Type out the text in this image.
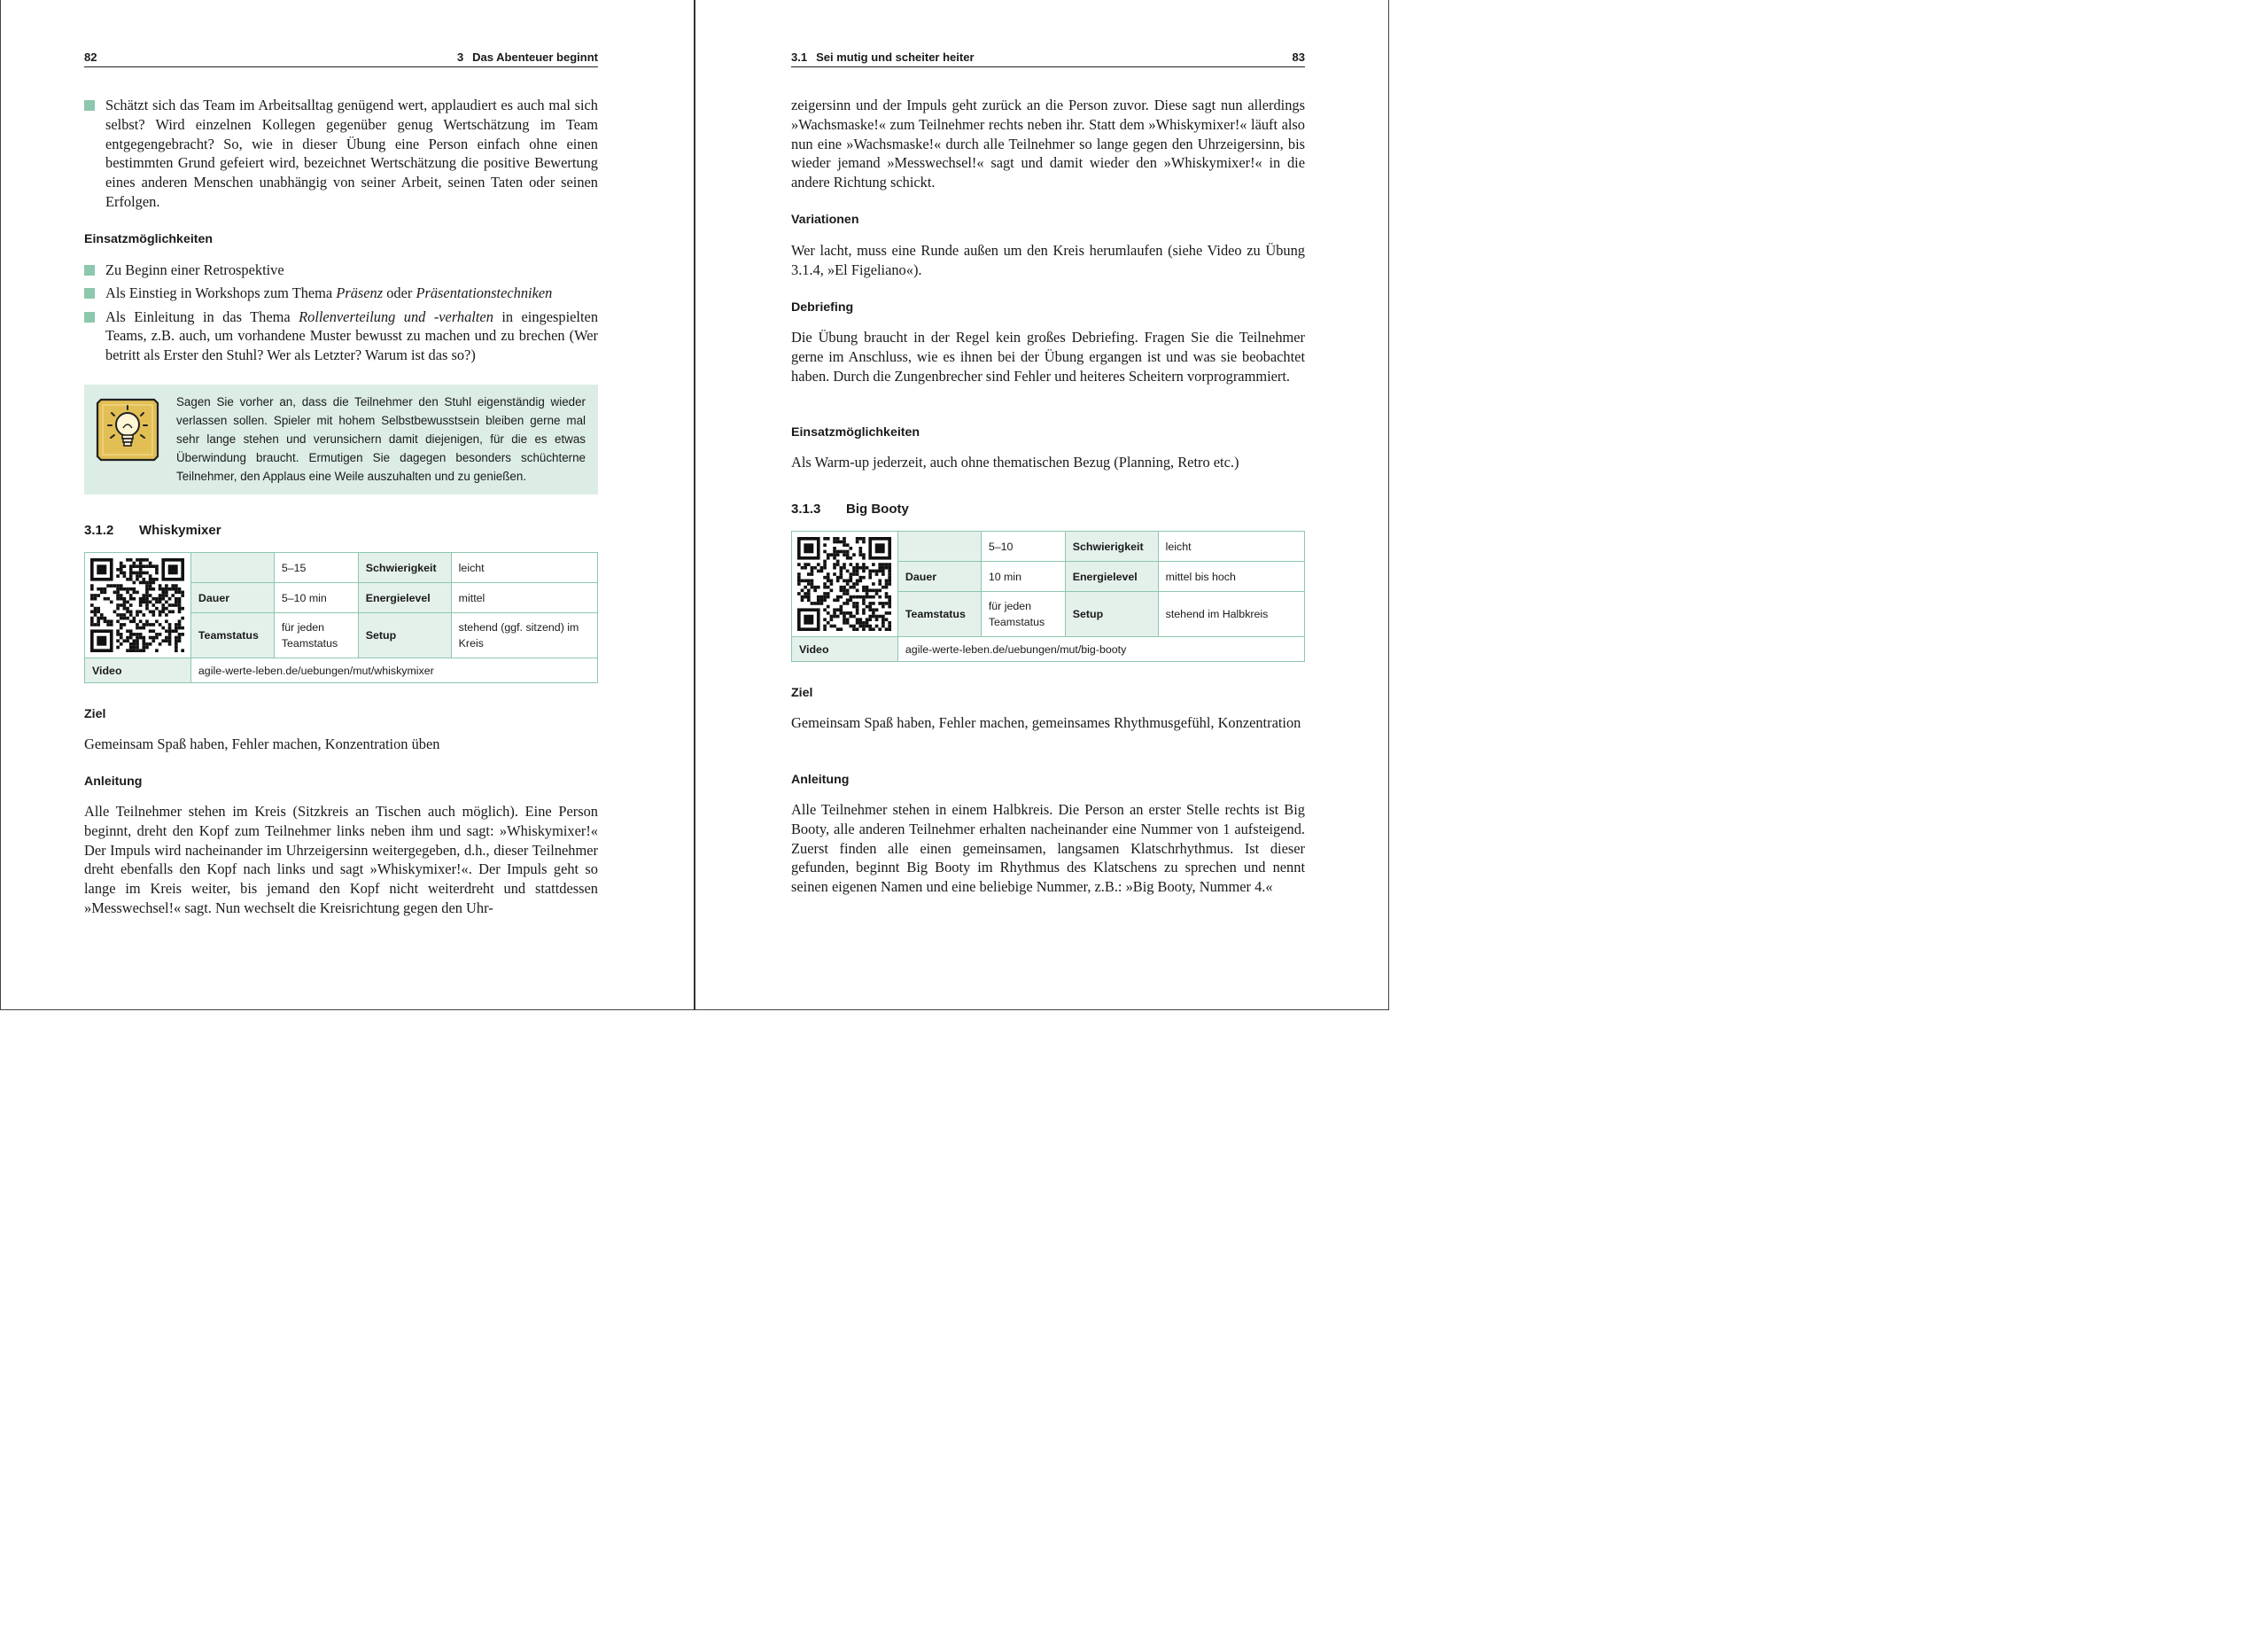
82	3 Das Abenteuer beginnt
Schätzt sich das Team im Arbeitsalltag genügend wert, applaudiert es auch mal sich selbst? Wird einzelnen Kollegen gegenüber genug Wertschätzung im Team entgegengebracht? So, wie in dieser Übung eine Person einfach ohne einen bestimmten Grund gefeiert wird, bezeichnet Wertschätzung die positive Bewertung eines anderen Menschen unabhängig von seiner Arbeit, seinen Taten oder seinen Erfolgen.
Einsatzmöglichkeiten
Zu Beginn einer Retrospektive
Als Einstieg in Workshops zum Thema Präsenz oder Präsentationstechniken
Als Einleitung in das Thema Rollenverteilung und -verhalten in eingespielten Teams, z.B. auch, um vorhandene Muster bewusst zu machen und zu brechen (Wer betritt als Erster den Stuhl? Wer als Letzter? Warum ist das so?)

Sagen Sie vorher an, dass die Teilnehmer den Stuhl eigenständig wieder verlassen sollen. Spieler mit hohem Selbstbewusstsein bleiben gerne mal sehr lange stehen und verunsichern damit diejenigen, für die es etwas Überwindung braucht. Ermutigen Sie dagegen besonders schüchterne Teilnehmer, den Applaus eine Weile auszuhalten und zu genießen.

3.1.2 Whiskymixer
		5–15	Schwierigkeit	leicht
	Dauer	5–10 min	Energielevel	mittel
	Teamstatus	für jeden Teamstatus	Setup	stehend (ggf. sitzend) im Kreis
Video	agile-werte-leben.de/uebungen/mut/whiskymixer			
Ziel

Gemeinsam Spaß haben, Fehler machen, Konzentration üben

Anleitung

Alle Teilnehmer stehen im Kreis (Sitzkreis an Tischen auch möglich). Eine Person beginnt, dreht den Kopf zum Teilnehmer links neben ihm und sagt: »Whiskymixer!« Der Impuls wird nacheinander im Uhrzeigersinn weitergegeben, d.h., dieser Teilnehmer dreht ebenfalls den Kopf nach links und sagt »Whiskymixer!«. Der Impuls geht so lange im Kreis weiter, bis jemand den Kopf nicht weiterdreht und stattdessen »Messwechsel!« sagt. Nun wechselt die Kreisrichtung gegen den Uhr-

3.1 Sei mutig und scheiter heiter	83

zeigersinn und der Impuls geht zurück an die Person zuvor. Diese sagt nun allerdings »Wachsmaske!« zum Teilnehmer rechts neben ihr. Statt dem »Whiskymixer!« läuft also nun eine »Wachsmaske!« durch alle Teilnehmer so lange gegen den Uhrzeigersinn, bis wieder jemand »Messwechsel!« sagt und damit wieder den »Whiskymixer!« in die andere Richtung schickt.

Variationen

Wer lacht, muss eine Runde außen um den Kreis herumlaufen (siehe Video zu Übung 3.1.4, »El Figeliano«).

Debriefing

Die Übung braucht in der Regel kein großes Debriefing. Fragen Sie die Teilnehmer gerne im Anschluss, wie es ihnen bei der Übung ergangen ist und was sie beobachtet haben. Durch die Zungenbrecher sind Fehler und heiteres Scheitern vorprogrammiert.

Einsatzmöglichkeiten

Als Warm-up jederzeit, auch ohne thematischen Bezug (Planning, Retro etc.)

3.1.3 Big Booty
		5–10	Schwierigkeit	leicht
	Dauer	10 min	Energielevel	mittel bis hoch
	Teamstatus	für jeden Teamstatus	Setup	stehend im Halbkreis
Video	agile-werte-leben.de/uebungen/mut/big-booty			
Ziel

Gemeinsam Spaß haben, Fehler machen, gemeinsames Rhythmusgefühl, Konzentration

Anleitung

Alle Teilnehmer stehen in einem Halbkreis. Die Person an erster Stelle rechts ist Big Booty, alle anderen Teilnehmer erhalten nacheinander eine Nummer von 1 aufsteigend. Zuerst finden alle einen gemeinsamen, langsamen Klatschrhythmus. Ist dieser gefunden, beginnt Big Booty im Rhythmus des Klatschens zu sprechen und nennt seinen eigenen Namen und eine beliebige Nummer, z.B.: »Big Booty, Nummer 4.«
